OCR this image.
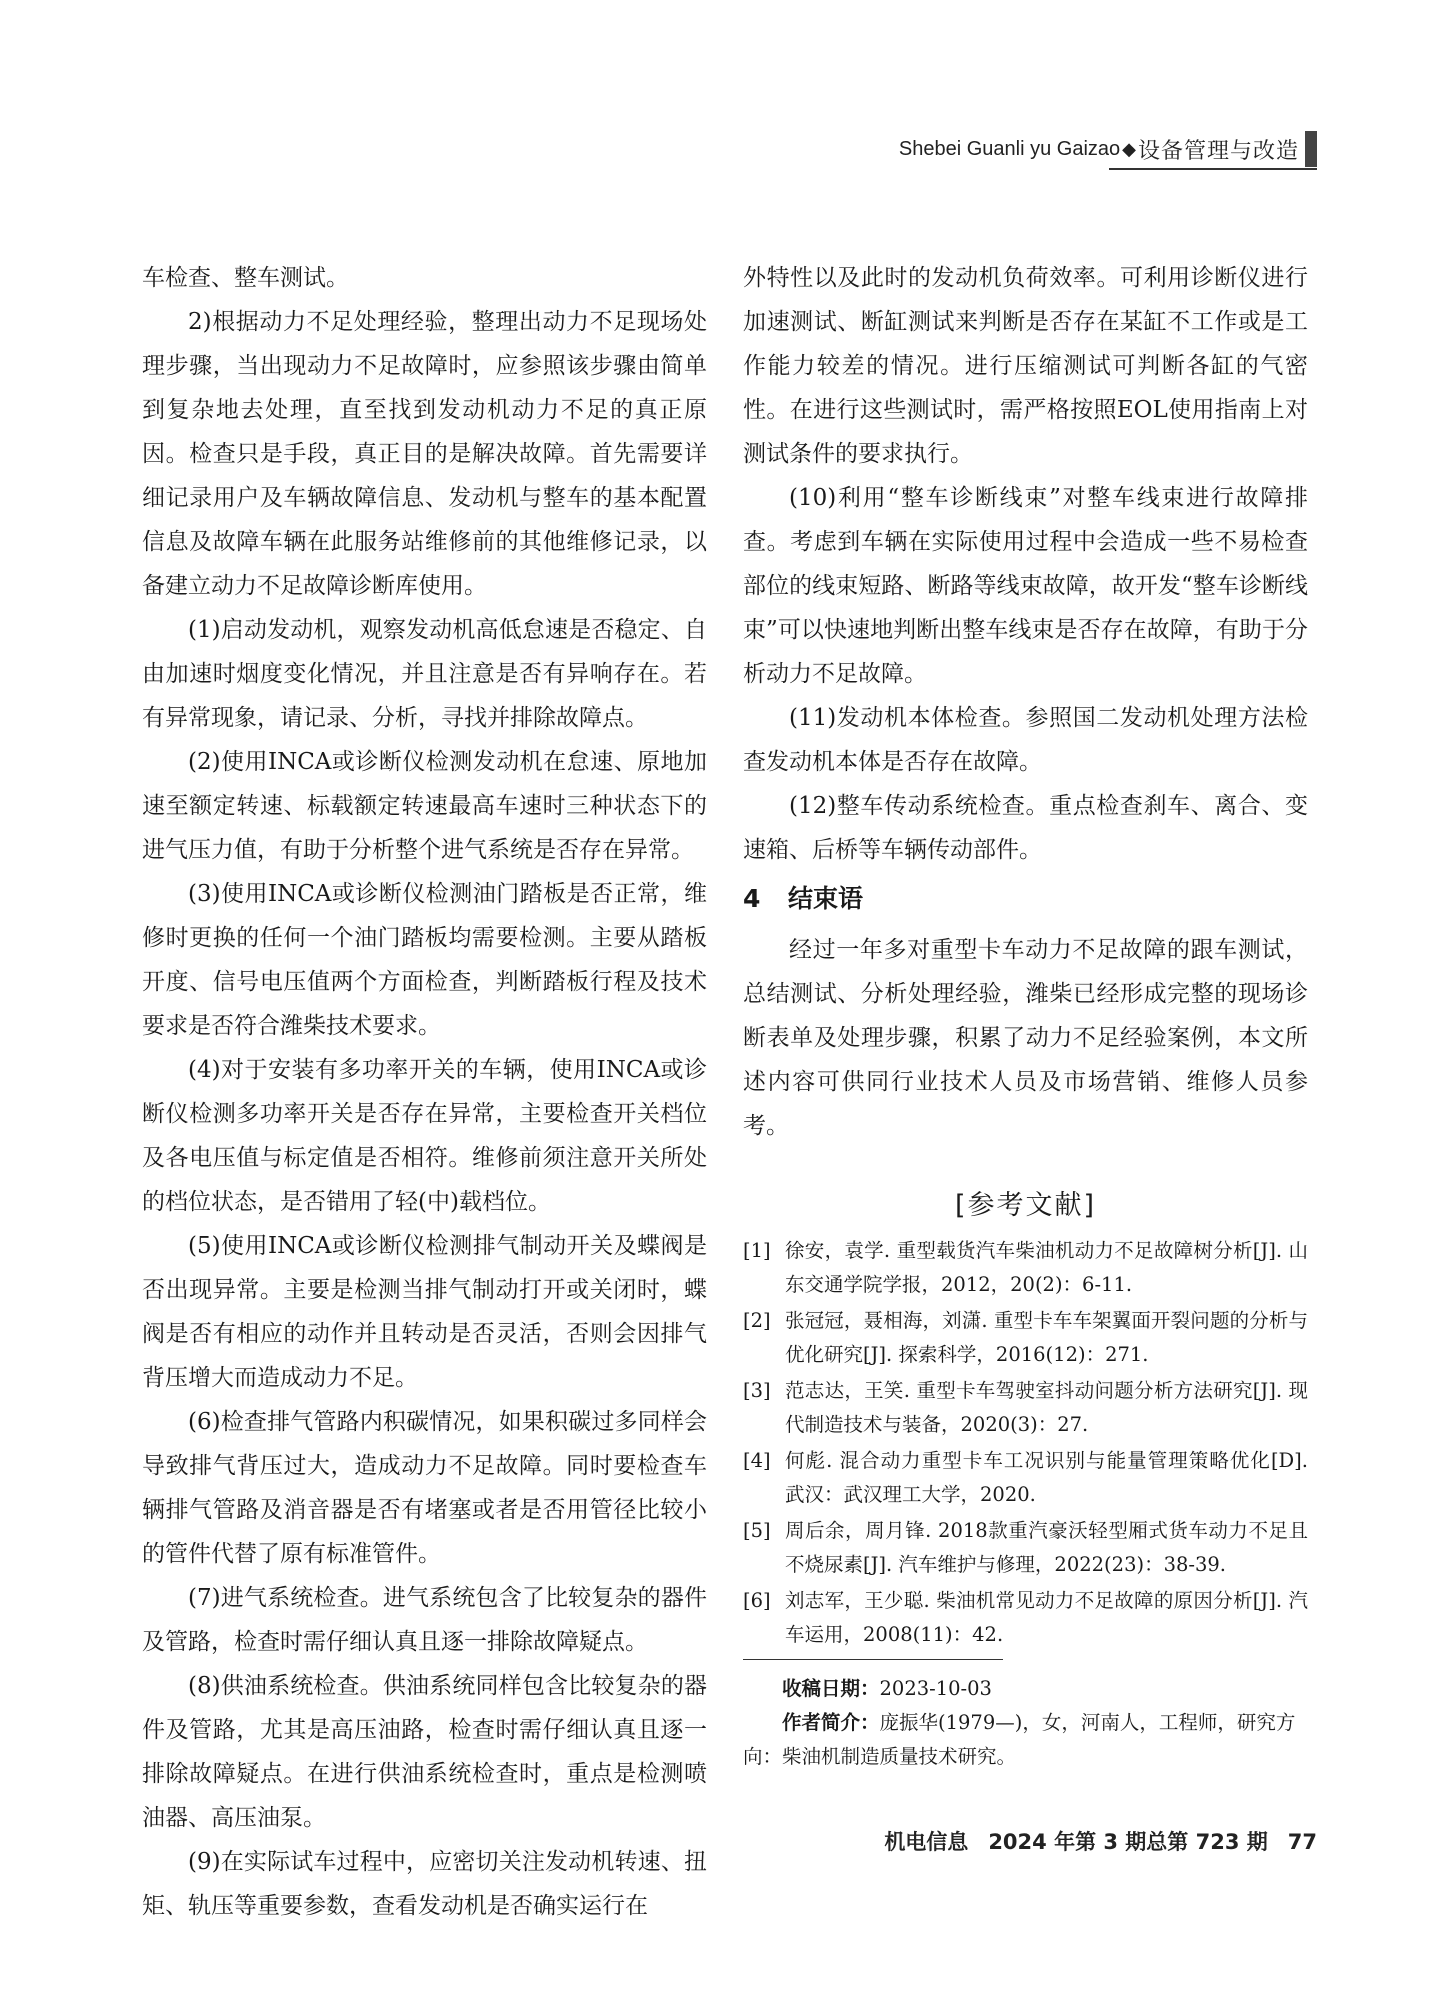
Shebei Guanli yu Gaizao ◆ 设备管理与改造

车检查、整车测试。

2)根据动力不足处理经验，整理出动力不足现场处理步骤，当出现动力不足故障时，应参照该步骤由简单到复杂地去处理，直至找到发动机动力不足的真正原因。检查只是手段，真正目的是解决故障。首先需要详细记录用户及车辆故障信息、发动机与整车的基本配置信息及故障车辆在此服务站维修前的其他维修记录，以备建立动力不足故障诊断库使用。

(1)启动发动机，观察发动机高低怠速是否稳定、自由加速时烟度变化情况，并且注意是否有异响存在。若有异常现象，请记录、分析，寻找并排除故障点。

(2)使用INCA或诊断仪检测发动机在怠速、原地加速至额定转速、标载额定转速最高车速时三种状态下的进气压力值，有助于分析整个进气系统是否存在异常。

(3)使用INCA或诊断仪检测油门踏板是否正常，维修时更换的任何一个油门踏板均需要检测。主要从踏板开度、信号电压值两个方面检查，判断踏板行程及技术要求是否符合潍柴技术要求。

(4)对于安装有多功率开关的车辆，使用INCA或诊断仪检测多功率开关是否存在异常，主要检查开关档位及各电压值与标定值是否相符。维修前须注意开关所处的档位状态，是否错用了轻(中)载档位。

(5)使用INCA或诊断仪检测排气制动开关及蝶阀是否出现异常。主要是检测当排气制动打开或关闭时，蝶阀是否有相应的动作并且转动是否灵活，否则会因排气背压增大而造成动力不足。

(6)检查排气管路内积碳情况，如果积碳过多同样会导致排气背压过大，造成动力不足故障。同时要检查车辆排气管路及消音器是否有堵塞或者是否用管径比较小的管件代替了原有标准管件。

(7)进气系统检查。进气系统包含了比较复杂的器件及管路，检查时需仔细认真且逐一排除故障疑点。

(8)供油系统检查。供油系统同样包含比较复杂的器件及管路，尤其是高压油路，检查时需仔细认真且逐一排除故障疑点。在进行供油系统检查时，重点是检测喷油器、高压油泵。

(9)在实际试车过程中，应密切关注发动机转速、扭矩、轨压等重要参数，查看发动机是否确实运行在

外特性以及此时的发动机负荷效率。可利用诊断仪进行加速测试、断缸测试来判断是否存在某缸不工作或是工作能力较差的情况。进行压缩测试可判断各缸的气密性。在进行这些测试时，需严格按照EOL使用指南上对测试条件的要求执行。

(10)利用“整车诊断线束”对整车线束进行故障排查。考虑到车辆在实际使用过程中会造成一些不易检查部位的线束短路、断路等线束故障，故开发“整车诊断线束”可以快速地判断出整车线束是否存在故障，有助于分析动力不足故障。

(11)发动机本体检查。参照国二发动机处理方法检查发动机本体是否存在故障。

(12)整车传动系统检查。重点检查刹车、离合、变速箱、后桥等车辆传动部件。

4 结束语

经过一年多对重型卡车动力不足故障的跟车测试，总结测试、分析处理经验，潍柴已经形成完整的现场诊断表单及处理步骤，积累了动力不足经验案例，本文所述内容可供同行业技术人员及市场营销、维修人员参考。

[参考文献]
[1] 徐安，袁学. 重型载货汽车柴油机动力不足故障树分析[J]. 山东交通学院学报，2012，20(2)：6-11.
[2] 张冠冠，聂相海，刘潇. 重型卡车车架翼面开裂问题的分析与优化研究[J]. 探索科学，2016(12)：271.
[3] 范志达，王笑. 重型卡车驾驶室抖动问题分析方法研究[J]. 现代制造技术与装备，2020(3)：27.
[4] 何彪. 混合动力重型卡车工况识别与能量管理策略优化[D]. 武汉：武汉理工大学，2020.
[5] 周后余，周月锋. 2018款重汽豪沃轻型厢式货车动力不足且不烧尿素[J]. 汽车维护与修理，2022(23)：38-39.
[6] 刘志军，王少聪. 柴油机常见动力不足故障的原因分析[J]. 汽车运用，2008(11)：42.

收稿日期：2023-10-03

作者简介：庞振华(1979—)，女，河南人，工程师，研究方向：柴油机制造质量技术研究。

机电信息 2024 年第 3 期总第 723 期 77
